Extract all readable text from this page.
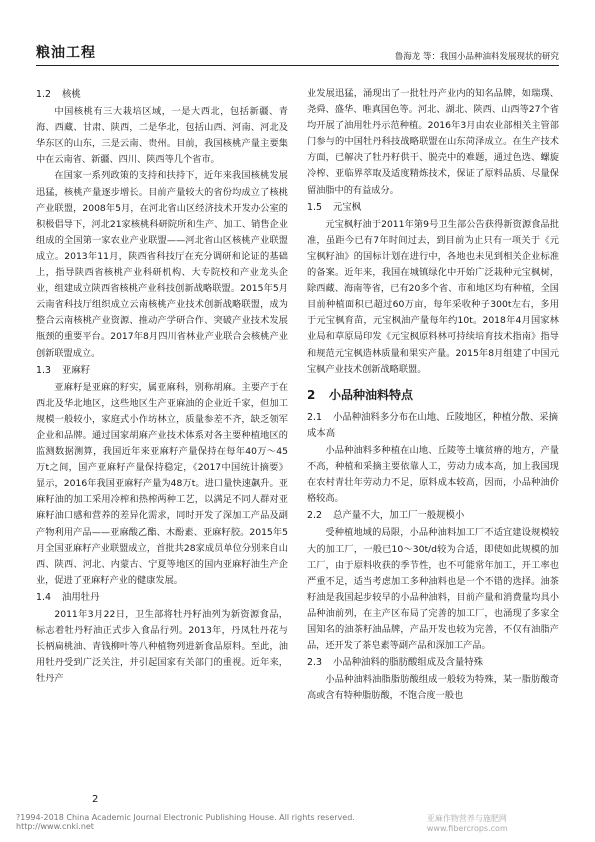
粮油工程	鲁海龙 等：我国小品种油料发展现状的研究
1.2 核桃

中国核桃有三大栽培区域，一是大西北，包括新疆、青海、西藏、甘肃、陕西，二是华北，包括山西、河南、河北及华东区的山东，三是云南、贵州。目前，我国核桃产量主要集中在云南省、新疆、四川、陕西等几个省市。

在国家一系列政策的支持和扶持下，近年来我国核桃发展迅猛，核桃产量逐步增长。目前产量较大的省份均成立了核桃产业联盟，2008年5月，在河北省山区经济技术开发办公室的积极倡导下，河北21家核桃科研院所和生产、加工、销售企业组成的全国第一家农业产业联盟——河北省山区核桃产业联盟成立。2013年11月，陕西省科技厅在充分调研和论证的基础上，指导陕西省核桃产业科研机构、大专院校和产业龙头企业，组建成立陕西省核桃产业科技创新战略联盟。2015年5月云南省科技厅组织成立云南核桃产业技术创新战略联盟，成为整合云南核桃产业资源、推动产学研合作、突破产业技术发展瓶颈的重要平台。2017年8月四川省林业产业联合会核桃产业创新联盟成立。

1.3 亚麻籽

亚麻籽是亚麻的籽实，属亚麻科，别称胡麻。主要产于在西北及华北地区，这些地区生产亚麻油的企业近千家，但加工规模一般较小，家庭式小作坊林立，质量参差不齐，缺乏领军企业和品牌。通过国家胡麻产业技术体系对各主要种植地区的监测数据测算，我国近年来亚麻籽产量保持在每年40万～45万t之间，国产亚麻籽产量保持稳定，《2017中国统计摘要》显示，2016年我国亚麻籽产量为48万t。进口量快速飙升。亚麻籽油的加工采用冷榨和热榨两种工艺，以满足不同人群对亚麻籽油口感和营养的差异化需求，同时开发了深加工产品及副产物利用产品——亚麻酸乙酯、木酚素、亚麻籽胶。2015年5月全国亚麻籽产业联盟成立，首批共28家成员单位分别来自山西、陕西、河北、内蒙古、宁夏等地区的国内亚麻籽油生产企业，促进了亚麻籽产业的健康发展。

1.4 油用牡丹

2011年3月22日，卫生部将牡丹籽油列为新资源食品，标志着牡丹籽油正式步入食品行列。2013年，丹凤牡丹花与长柄扁桃油、青钱柳叶等八种植物列进新食品原料。至此，油用牡丹受到广泛关注，并引起国家有关部门的重视。近年来，牡丹产

业发展迅猛，涌现出了一批牡丹产业内的知名品牌，如瑞璞、尧舜、盛华、唯真国色等。河北、湖北、陕西、山西等27个省均开展了油用牡丹示范种植。2016年3月由农业部相关主管部门参与的中国牡丹科技战略联盟在山东菏泽成立。在生产技术方面，已解决了牡丹籽供干、脱壳中的难题，通过色选、螺旋冷榨、亚临界萃取及适度精炼技术，保证了原料品质、尽量保留油脂中的有益成分。

1.5 元宝枫

元宝枫籽油于2011年第9号卫生部公告获得新资源食品批准，虽距今已有7年时间过去，到目前为止只有一项关于《元宝枫籽油》的国标计划在进行中，各地也未见到相关企业标准的备案。近年来，我国在城镇绿化中开始广泛栽种元宝枫树，除西藏、海南等省，已有20多个省、市和地区均有种植，全国目前种植面积已超过60万亩，每年采收种子300t左右，多用于元宝枫育苗，元宝枫油产量每年约10t。2018年4月国家林业局和草原局印发《元宝枫原料林可持续培育技术指南》指导和规范元宝枫造林质量和果实产量。2015年8月组建了中国元宝枫产业技术创新战略联盟。

2 小品种油料特点
2.1 小品种油料多分布在山地、丘陵地区，种植分散、采摘成本高

小品种油料多种植在山地、丘陵等土壤贫瘠的地方，产量不高，种植和采摘主要依靠人工，劳动力成本高，加上我国现在农村青壮年劳动力不足，原料成本较高，因而，小品种油价格较高。

2.2 总产量不大，加工厂一般规模小

受种植地域的局限，小品种油料加工厂不适宜建设规模较大的加工厂，一般已10～30t/d较为合适，即使如此规模的加工厂，由于原料收获的季节性，也不可能常年加工，开工率也严重不足，适当考虑加工多种油料也是一个不错的选择。油茶籽油是我国起步较早的小品种油料，目前产量和消费量均具小品种油前列，在主产区布局了完善的加工厂，也涌现了多家全国知名的油茶籽油品牌，产品开发也较为完善，不仅有油脂产品，还开发了茶皂素等副产品和深加工产品。

2.3 小品种油料的脂肪酸组成及含量特殊

小品种油料油脂脂肪酸组成一般较为特殊，某一脂肪酸奇高或含有特种脂肪酸，不饱合度一般也

2
?1994-2018 China Academic Journal Electronic Publishing House. All rights reserved. http://www.cnki.net
亚麻作物营养与施肥网 www.fibercrops.com
